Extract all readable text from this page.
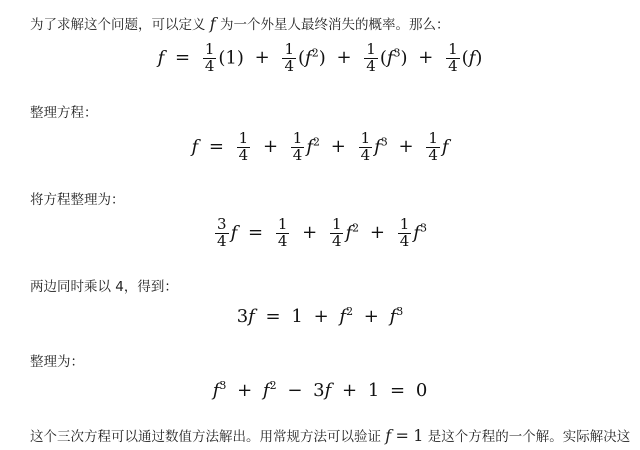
为了求解这个问题，可以定义 f 为一个外星人最终消失的概率。那么：
$f = \frac{1}{4} (1) + \frac{1}{4} (f^2) + \frac{1}{4} (f^3) + \frac{1}{4} (f)$
整理方程：
$f = \frac{1}{4} + \frac{1}{4} f^2 + \frac{1}{4} f^3 + \frac{1}{4}$ f
将方程整理为：
$\frac{3}{4}$ $f = \frac{1}{4} + \frac{1}{4} f^2 + \frac{1}{4} f^3$
两边同时乘以 4，得到：
$3f = 1 + f^2 + f^3$
整理为：
$f^3 + f^2 - 3f + 1 = 0$
这个三次方程可以通过数值方法解出。用常规方法可以验证 f = 1 是这个方程的一个解。实际解决这
